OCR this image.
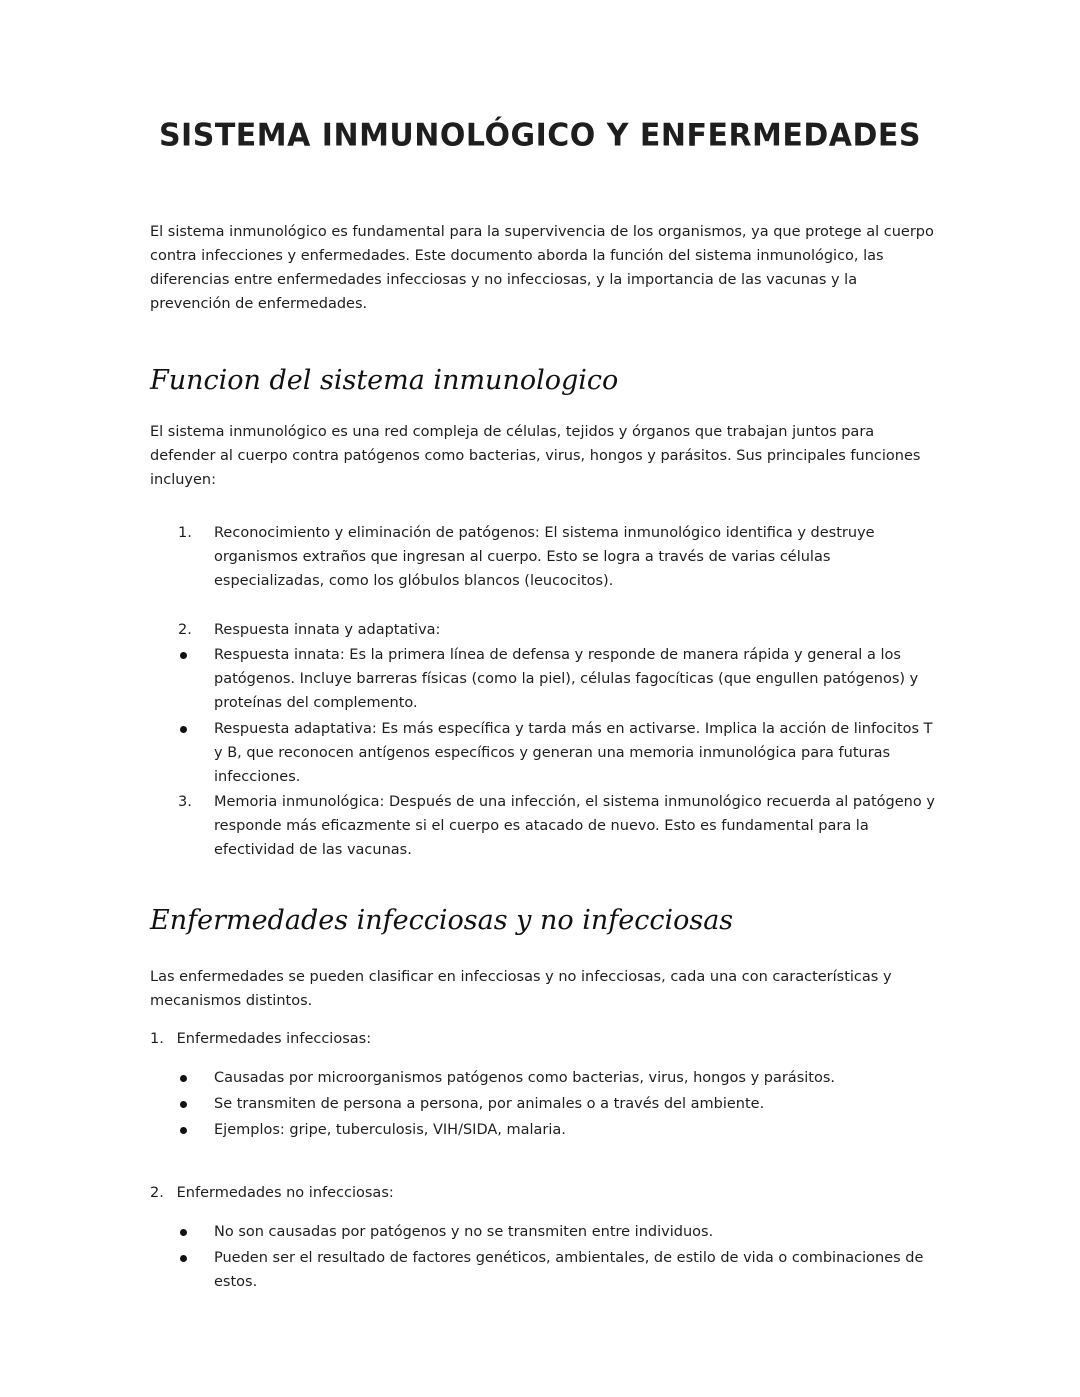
SISTEMA INMUNOLÓGICO Y ENFERMEDADES
El sistema inmunológico es fundamental para la supervivencia de los organismos, ya que protege al cuerpo contra infecciones y enfermedades. Este documento aborda la función del sistema inmunológico, las diferencias entre enfermedades infecciosas y no infecciosas, y la importancia de las vacunas y la prevención de enfermedades.
Funcion del sistema inmunologico
El sistema inmunológico es una red compleja de células, tejidos y órganos que trabajan juntos para defender al cuerpo contra patógenos como bacterias, virus, hongos y parásitos. Sus principales funciones incluyen:
1.	Reconocimiento y eliminación de patógenos: El sistema inmunológico identifica y destruye organismos extraños que ingresan al cuerpo. Esto se logra a través de varias células especializadas, como los glóbulos blancos (leucocitos).
2.	Respuesta innata y adaptativa:
Respuesta innata: Es la primera línea de defensa y responde de manera rápida y general a los patógenos. Incluye barreras físicas (como la piel), células fagocíticas (que engullen patógenos) y proteínas del complemento.
Respuesta adaptativa: Es más específica y tarda más en activarse. Implica la acción de linfocitos T y B, que reconocen antígenos específicos y generan una memoria inmunológica para futuras infecciones.
3.	Memoria inmunológica: Después de una infección, el sistema inmunológico recuerda al patógeno y responde más eficazmente si el cuerpo es atacado de nuevo. Esto es fundamental para la efectividad de las vacunas.
Enfermedades infecciosas y no infecciosas
Las enfermedades se pueden clasificar en infecciosas y no infecciosas, cada una con características y mecanismos distintos.
1. Enfermedades infecciosas:
Causadas por microorganismos patógenos como bacterias, virus, hongos y parásitos.
Se transmiten de persona a persona, por animales o a través del ambiente.
Ejemplos: gripe, tuberculosis, VIH/SIDA, malaria.
2. Enfermedades no infecciosas:
No son causadas por patógenos y no se transmiten entre individuos.
Pueden ser el resultado de factores genéticos, ambientales, de estilo de vida o combinaciones de estos.
